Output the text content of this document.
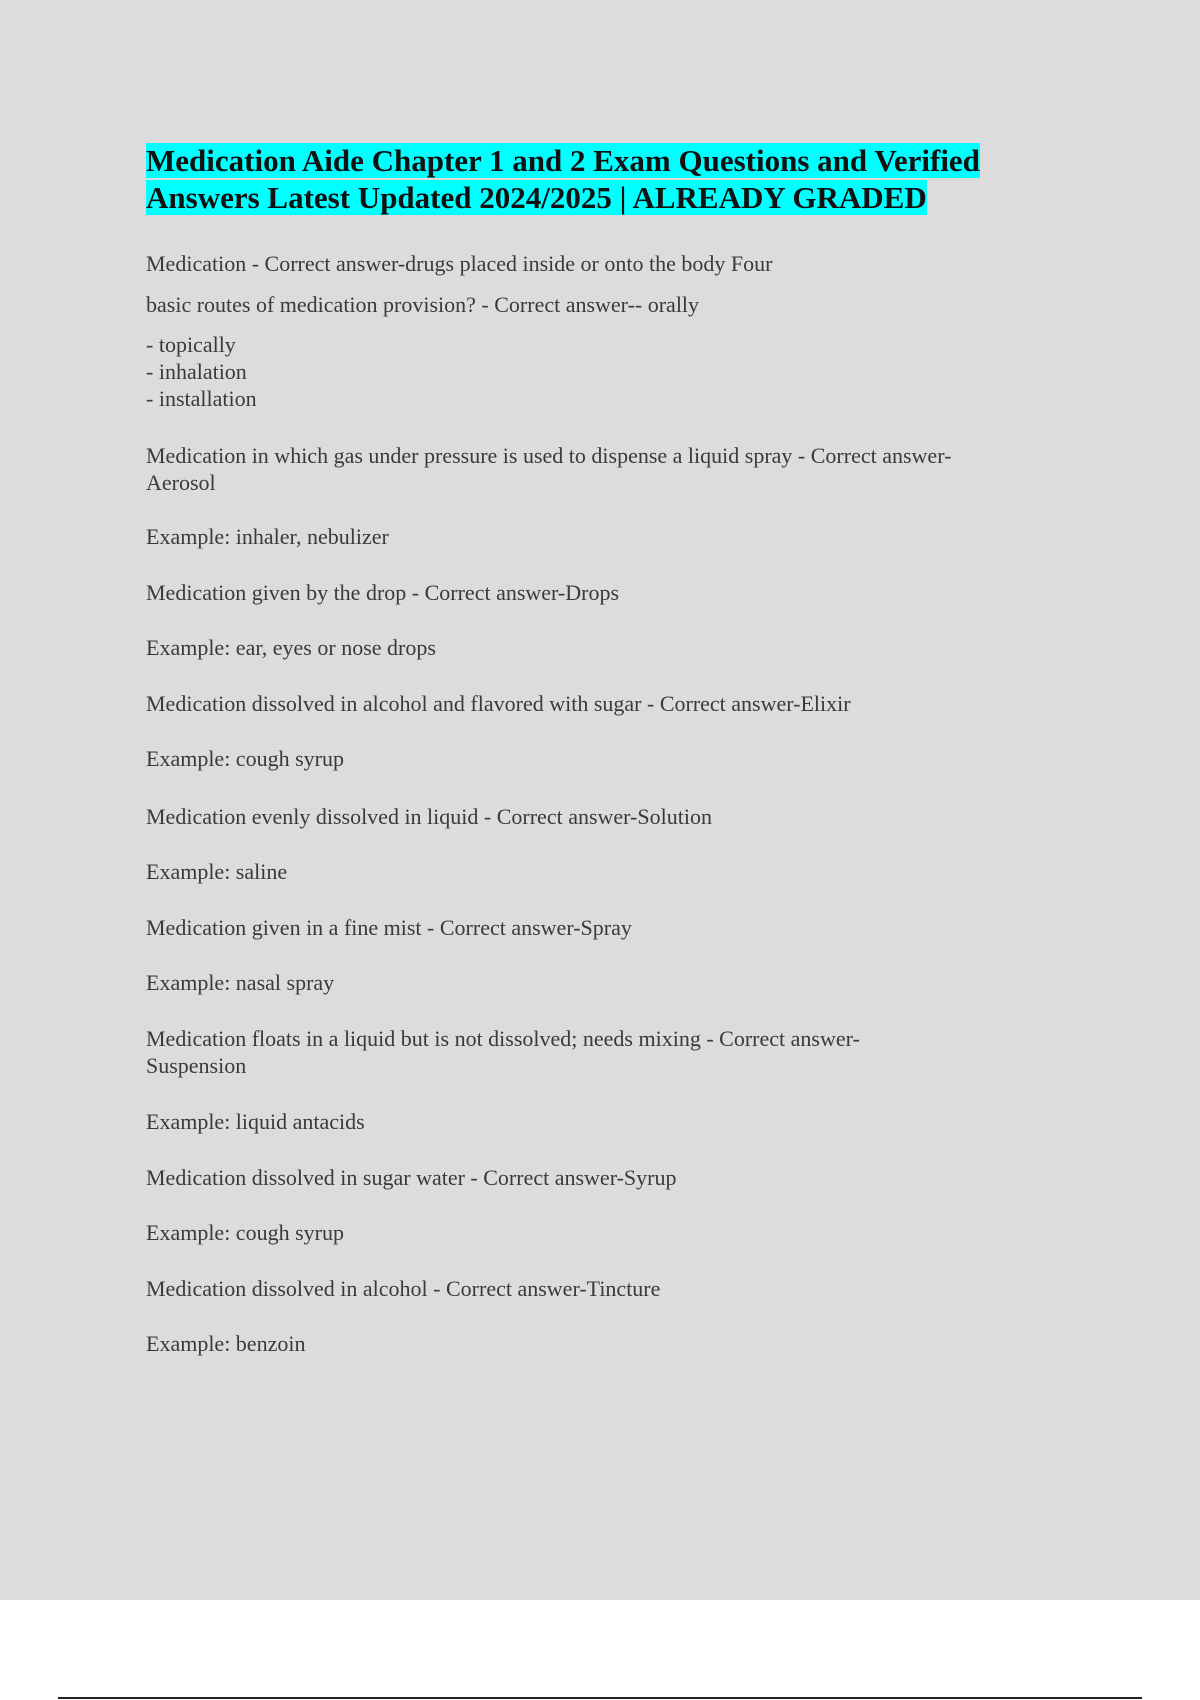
Medication Aide Chapter 1 and 2 Exam Questions and Verified
Answers Latest Updated 2024/2025 | ALREADY GRADED

Medication - Correct answer-drugs placed inside or onto the body Four

basic routes of medication provision? - Correct answer-- orally

- topically

- inhalation

- installation

Medication in which gas under pressure is used to dispense a liquid spray - Correct answer-

Aerosol

Example: inhaler, nebulizer

Medication given by the drop - Correct answer-Drops

Example: ear, eyes or nose drops

Medication dissolved in alcohol and flavored with sugar - Correct answer-Elixir

Example: cough syrup

Medication evenly dissolved in liquid - Correct answer-Solution

Example: saline

Medication given in a fine mist - Correct answer-Spray

Example: nasal spray

Medication floats in a liquid but is not dissolved; needs mixing - Correct answer-

Suspension

Example: liquid antacids

Medication dissolved in sugar water - Correct answer-Syrup

Example: cough syrup

Medication dissolved in alcohol - Correct answer-Tincture

Example: benzoin
